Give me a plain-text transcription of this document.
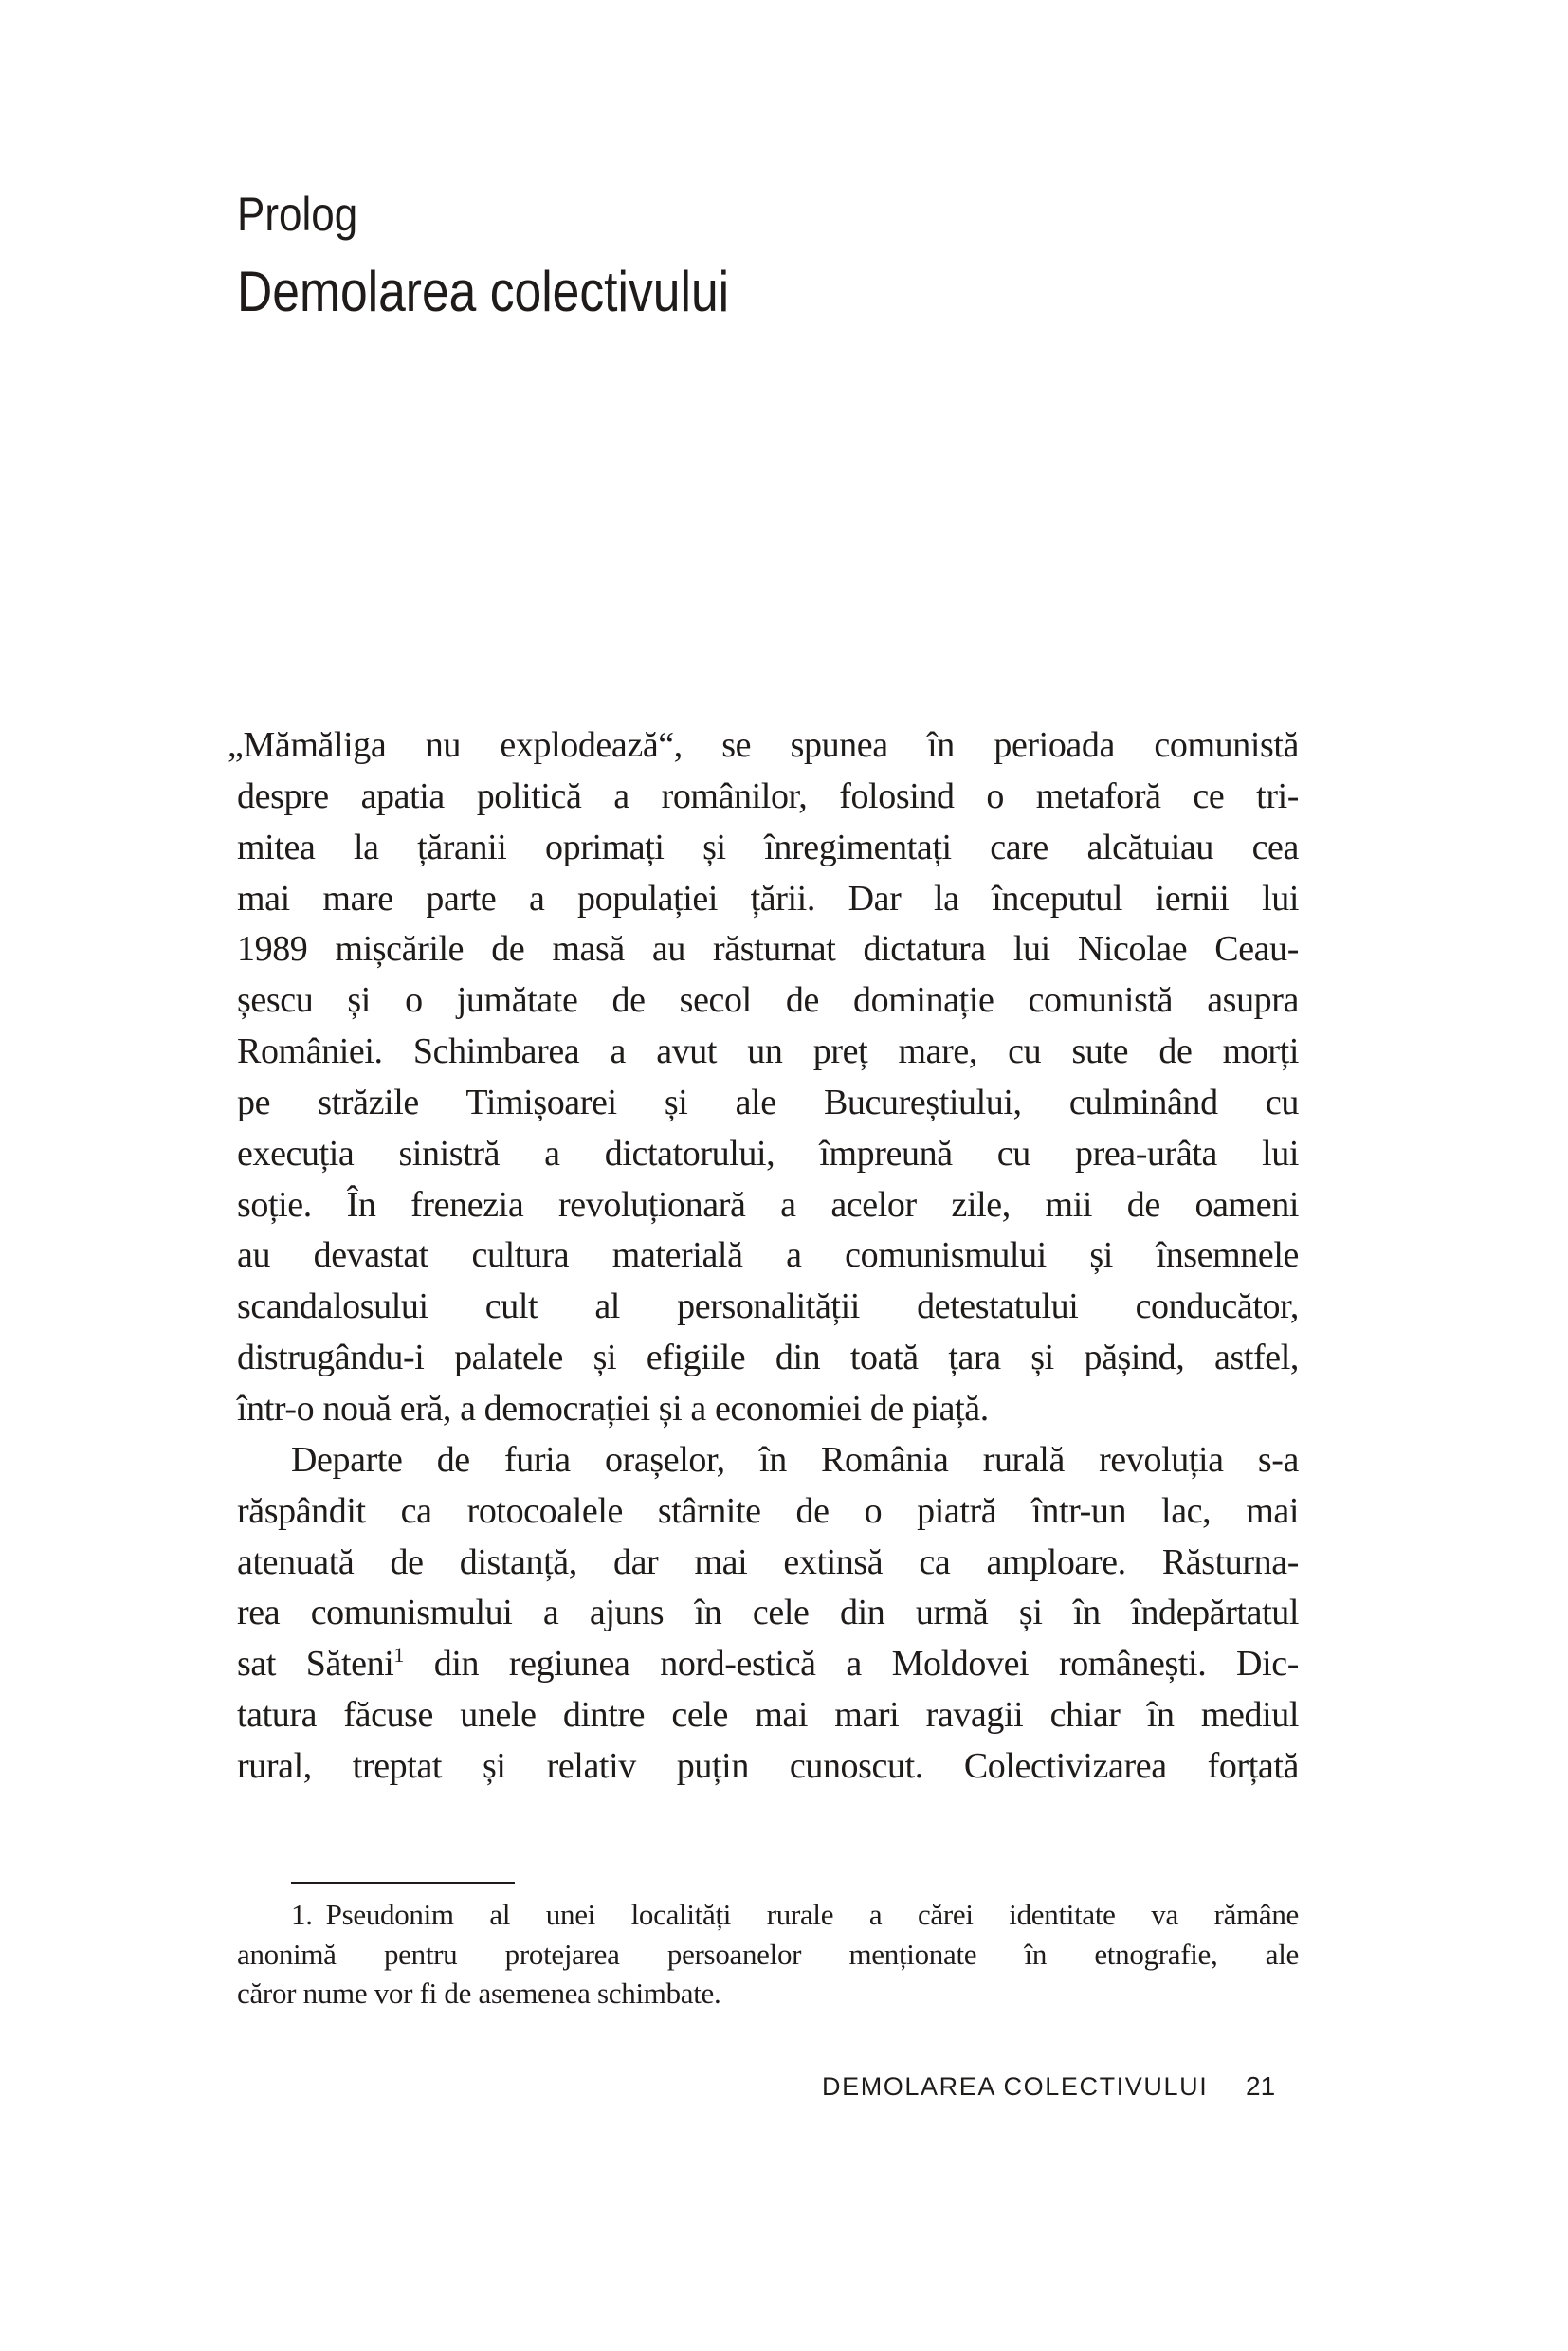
Prolog
Demolarea colectivului
„Mămăliga nu explodează“, se spunea în perioada comunistă
despre apatia politică a românilor, folosind o metaforă ce tri-
mitea la țăranii oprimați și înregimentați care alcătuiau cea
mai mare parte a populației țării. Dar la începutul iernii lui
1989 mișcările de masă au răsturnat dictatura lui Nicolae Ceau-
șescu și o jumătate de secol de dominație comunistă asupra
României. Schimbarea a avut un preț mare, cu sute de morți
pe străzile Timișoarei și ale Bucureștiului, culminând cu
execuția sinistră a dictatorului, împreună cu prea-urâta lui
soție. În frenezia revoluționară a acelor zile, mii de oameni
au devastat cultura materială a comunismului și însemnele
scandalosului cult al personalității detestatului conducător,
distrugându-i palatele și efigiile din toată țara și pășind, astfel,
într-o nouă eră, a democrației și a economiei de piață.
Departe de furia orașelor, în România rurală revoluția s-a
răspândit ca rotocoalele stârnite de o piatră într-un lac, mai
atenuată de distanță, dar mai extinsă ca amploare. Răsturna-
rea comunismului a ajuns în cele din urmă și în îndepărtatul
sat Săteni$^1$ din regiunea nord-estică a Moldovei românești. Dic-
tatura făcuse unele dintre cele mai mari ravagii chiar în mediul
rural, treptat și relativ puțin cunoscut. Colectivizarea forțată
1. Pseudonim al unei localități rurale a cărei identitate va rămâne
anonimă pentru protejarea persoanelor menționate în etnografie, ale
căror nume vor fi de asemenea schimbate.
DEMOLAREA COLECTIVULUI 21
